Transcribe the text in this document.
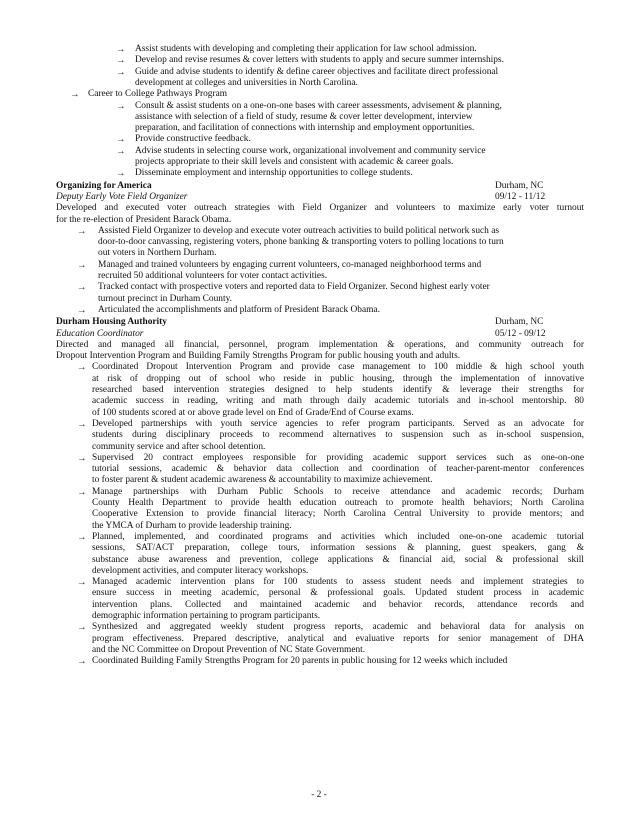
→ Assist students with developing and completing their application for law school admission.
→ Develop and revise resumes & cover letters with students to apply and secure summer internships.
→ Guide and advise students to identify & define career objectives and facilitate direct professional
development at colleges and universities in North Carolina.
→ Career to College Pathways Program
→ Consult & assist students on a one-on-one bases with career assessments, advisement & planning,
assistance with selection of a field of study, resume & cover letter development, interview
preparation, and facilitation of connections with internship and employment opportunities.
→ Provide constructive feedback.
→ Advise students in selecting course work, organizational involvement and community service
projects appropriate to their skill levels and consistent with academic & career goals.
→ Disseminate employment and internship opportunities to college students.
Organizing for America	Durham, NC
Deputy Early Vote Field Organizer	09/12 - 11/12
Developed and executed voter outreach strategies with Field Organizer and volunteers to maximize early voter turnout
for the re-election of President Barack Obama.
→ Assisted Field Organizer to develop and execute voter outreach activities to build political network such as
door-to-door canvassing, registering voters, phone banking & transporting voters to polling locations to turn
out voters in Northern Durham.
→ Managed and trained volunteers by engaging current volunteers, co-managed neighborhood terms and
recruited 50 additional volunteers for voter contact activities.
→ Tracked contact with prospective voters and reported data to Field Organizer. Second highest early voter
turnout precinct in Durham County.
→ Articulated the accomplishments and platform of President Barack Obama.
Durham Housing Authority	Durham, NC
Education Coordinator	05/12 - 09/12
Directed and managed all financial, personnel, program implementation & operations, and community outreach for
Dropout Intervention Program and Building Family Strengths Program for public housing youth and adults.
→ Coordinated Dropout Intervention Program and provide case management to 100 middle & high school youth
at risk of dropping out of school who reside in public housing, through the implementation of innovative
researched based intervention strategies designed to help students identify & leverage their strengths for
academic success in reading, writing and math through daily academic tutorials and in-school mentorship. 80
of 100 students scored at or above grade level on End of Grade/End of Course exams.
→ Developed partnerships with youth service agencies to refer program participants. Served as an advocate for
students during disciplinary proceeds to recommend alternatives to suspension such as in-school suspension,
community service and after school detention.
→ Supervised 20 contract employees responsible for providing academic support services such as one-on-one
tutorial sessions, academic & behavior data collection and coordination of teacher-parent-mentor conferences
to foster parent & student academic awareness & accountability to maximize achievement.
→ Manage partnerships with Durham Public Schools to receive attendance and academic records; Durham
County Health Department to provide health education outreach to promote health behaviors; North Carolina
Cooperative Extension to provide financial literacy; North Carolina Central University to provide mentors; and
the YMCA of Durham to provide leadership training.
→ Planned, implemented, and coordinated programs and activities which included one-on-one academic tutorial
sessions, SAT/ACT preparation, college tours, information sessions & planning, guest speakers, gang &
substance abuse awareness and prevention, college applications & financial aid, social & professional skill
development activities, and computer literacy workshops.
→ Managed academic intervention plans for 100 students to assess student needs and implement strategies to
ensure success in meeting academic, personal & professional goals. Updated student process in academic
intervention plans. Collected and maintained academic and behavior records, attendance records and
demographic information pertaining to program participants.
→ Synthesized and aggregated weekly student progress reports, academic and behavioral data for analysis on
program effectiveness. Prepared descriptive, analytical and evaluative reports for senior management of DHA
and the NC Committee on Dropout Prevention of NC State Government.
→ Coordinated Building Family Strengths Program for 20 parents in public housing for 12 weeks which included
- 2 -
